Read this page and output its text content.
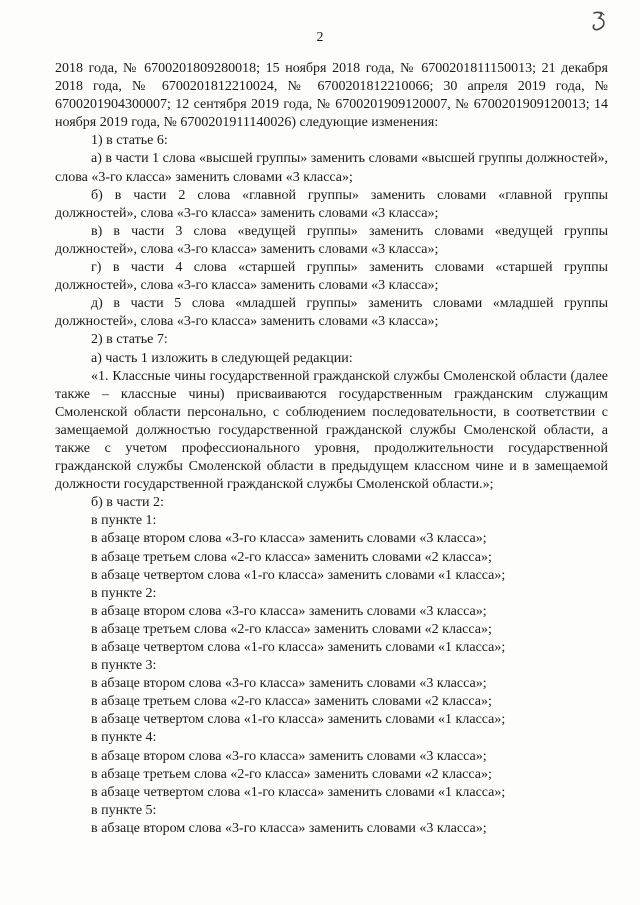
2

2018 года, № 6700201809280018; 15 ноября 2018 года, № 6700201811150013; 21 декабря 2018 года, № 6700201812210024, № 6700201812210066; 30 апреля 2019 года, № 6700201904300007; 12 сентября 2019 года, № 6700201909120007, № 6700201909120013; 14 ноября 2019 года, № 6700201911140026) следующие изменения:

1) в статье 6:

а) в части 1 слова «высшей группы» заменить словами «высшей группы должностей», слова «3-го класса» заменить словами «3 класса»;

б) в части 2 слова «главной группы» заменить словами «главной группы должностей», слова «3-го класса» заменить словами «3 класса»;

в) в части 3 слова «ведущей группы» заменить словами «ведущей группы должностей», слова «3-го класса» заменить словами «3 класса»;

г) в части 4 слова «старшей группы» заменить словами «старшей группы должностей», слова «3-го класса» заменить словами «3 класса»;

д) в части 5 слова «младшей группы» заменить словами «младшей группы должностей», слова «3-го класса» заменить словами «3 класса»;

2) в статье 7:

а) часть 1 изложить в следующей редакции:

«1. Классные чины государственной гражданской службы Смоленской области (далее также – классные чины) присваиваются государственным гражданским служащим Смоленской области персонально, с соблюдением последовательности, в соответствии с замещаемой должностью государственной гражданской службы Смоленской области, а также с учетом профессионального уровня, продолжительности государственной гражданской службы Смоленской области в предыдущем классном чине и в замещаемой должности государственной гражданской службы Смоленской области.»;

б) в части 2:

в пункте 1:

в абзаце втором слова «3-го класса» заменить словами «3 класса»;

в абзаце третьем слова «2-го класса» заменить словами «2 класса»;

в абзаце четвертом слова «1-го класса» заменить словами «1 класса»;

в пункте 2:

в абзаце втором слова «3-го класса» заменить словами «3 класса»;

в абзаце третьем слова «2-го класса» заменить словами «2 класса»;

в абзаце четвертом слова «1-го класса» заменить словами «1 класса»;

в пункте 3:

в абзаце втором слова «3-го класса» заменить словами «3 класса»;

в абзаце третьем слова «2-го класса» заменить словами «2 класса»;

в абзаце четвертом слова «1-го класса» заменить словами «1 класса»;

в пункте 4:

в абзаце втором слова «3-го класса» заменить словами «3 класса»;

в абзаце третьем слова «2-го класса» заменить словами «2 класса»;

в абзаце четвертом слова «1-го класса» заменить словами «1 класса»;

в пункте 5:

в абзаце втором слова «3-го класса» заменить словами «3 класса»;
